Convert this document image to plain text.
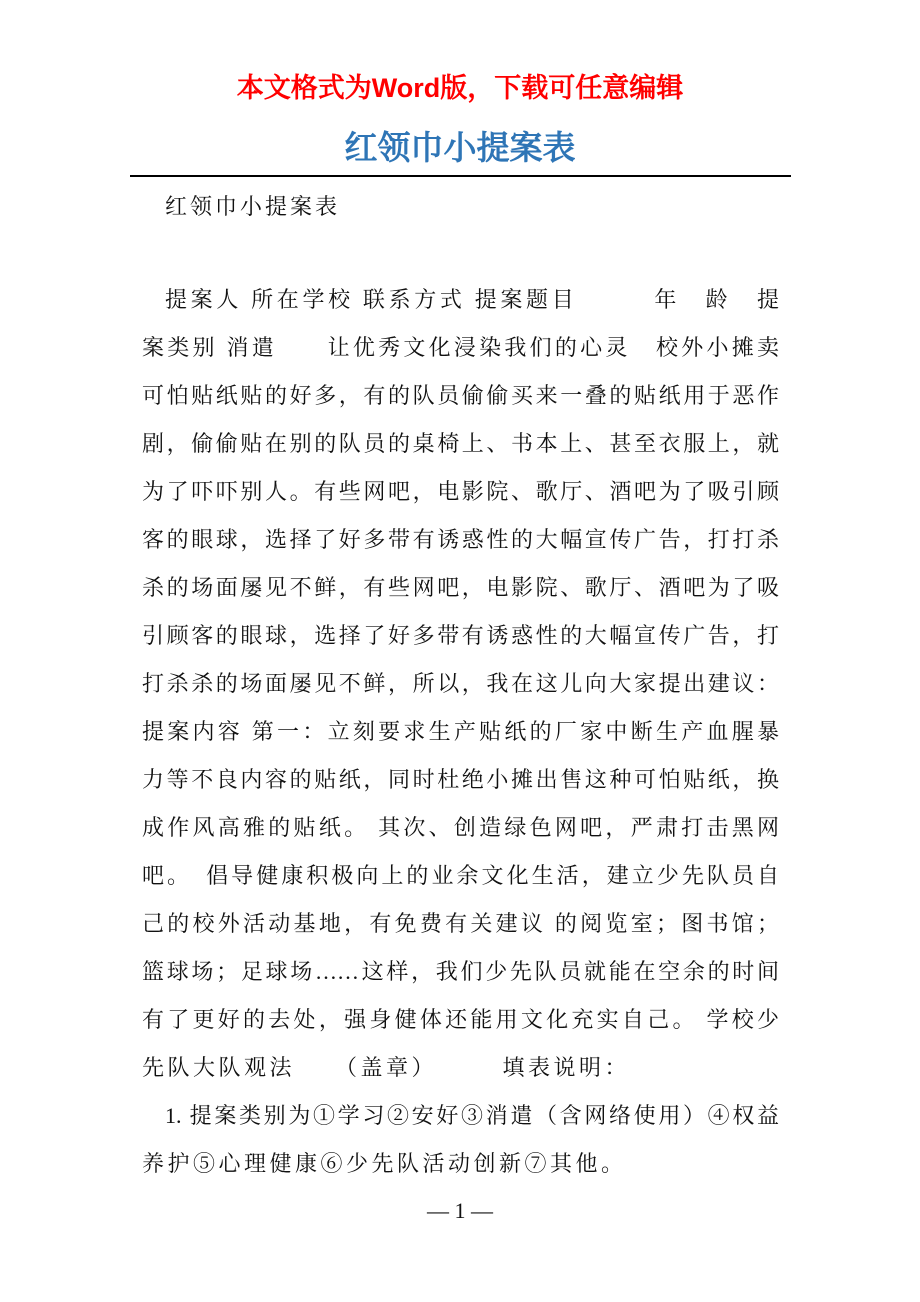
本文格式为Word版，下载可任意编辑
红领巾小提案表
红领巾小提案表
提案人 所在学校 联系方式 提案题目　　　年　龄　提
案类别 消遣　　让优秀文化浸染我们的心灵　校外小摊卖
可怕贴纸贴的好多，有的队员偷偷买来一叠的贴纸用于恶作
剧，偷偷贴在别的队员的桌椅上、书本上、甚至衣服上，就
为了吓吓别人。有些网吧，电影院、歌厅、酒吧为了吸引顾
客的眼球，选择了好多带有诱惑性的大幅宣传广告，打打杀
杀的场面屡见不鲜，有些网吧，电影院、歌厅、酒吧为了吸
引顾客的眼球，选择了好多带有诱惑性的大幅宣传广告，打
打杀杀的场面屡见不鲜，所以，我在这儿向大家提出建议：
提案内容 第一：立刻要求生产贴纸的厂家中断生产血腥暴
力等不良内容的贴纸，同时杜绝小摊出售这种可怕贴纸，换
成作风高雅的贴纸。 其次、创造绿色网吧，严肃打击黑网
吧。　倡导健康积极向上的业余文化生活，建立少先队员自
己的校外活动基地，有免费有关建议 的阅览室；图书馆；
篮球场；足球场……这样，我们少先队员就能在空余的时间
有了更好的去处，强身健体还能用文化充实自己。 学校少
先队大队观法　　（盖章）　　　填表说明：
1. 提案类别为①学习②安好③消遣（含网络使用）④权益
养护⑤心理健康⑥少先队活动创新⑦其他。
— 1 —
